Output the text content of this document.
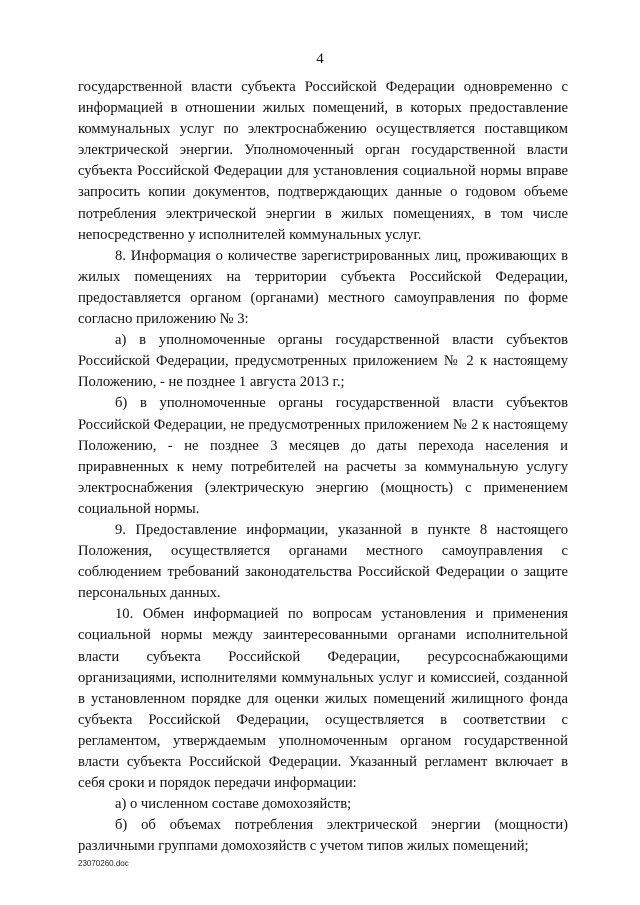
4

государственной власти субъекта Российской Федерации одновременно с информацией в отношении жилых помещений, в которых предоставление коммунальных услуг по электроснабжению осуществляется поставщиком электрической энергии. Уполномоченный орган государственной власти субъекта Российской Федерации для установления социальной нормы вправе запросить копии документов, подтверждающих данные о годовом объеме потребления электрической энергии в жилых помещениях, в том числе непосредственно у исполнителей коммунальных услуг.

8. Информация о количестве зарегистрированных лиц, проживающих в жилых помещениях на территории субъекта Российской Федерации, предоставляется органом (органами) местного самоуправления по форме согласно приложению № 3:

а) в уполномоченные органы государственной власти субъектов Российской Федерации, предусмотренных приложением № 2 к настоящему Положению, - не позднее 1 августа 2013 г.;

б) в уполномоченные органы государственной власти субъектов Российской Федерации, не предусмотренных приложением № 2 к настоящему Положению, - не позднее 3 месяцев до даты перехода населения и приравненных к нему потребителей на расчеты за коммунальную услугу электроснабжения (электрическую энергию (мощность) с применением социальной нормы.

9. Предоставление информации, указанной в пункте 8 настоящего Положения, осуществляется органами местного самоуправления с соблюдением требований законодательства Российской Федерации о защите персональных данных.

10. Обмен информацией по вопросам установления и применения социальной нормы между заинтересованными органами исполнительной власти субъекта Российской Федерации, ресурсоснабжающими организациями, исполнителями коммунальных услуг и комиссией, созданной в установленном порядке для оценки жилых помещений жилищного фонда субъекта Российской Федерации, осуществляется в соответствии с регламентом, утверждаемым уполномоченным органом государственной власти субъекта Российской Федерации. Указанный регламент включает в себя сроки и порядок передачи информации:

а) о численном составе домохозяйств;

б) об объемах потребления электрической энергии (мощности) различными группами домохозяйств с учетом типов жилых помещений;

23070260.doc
